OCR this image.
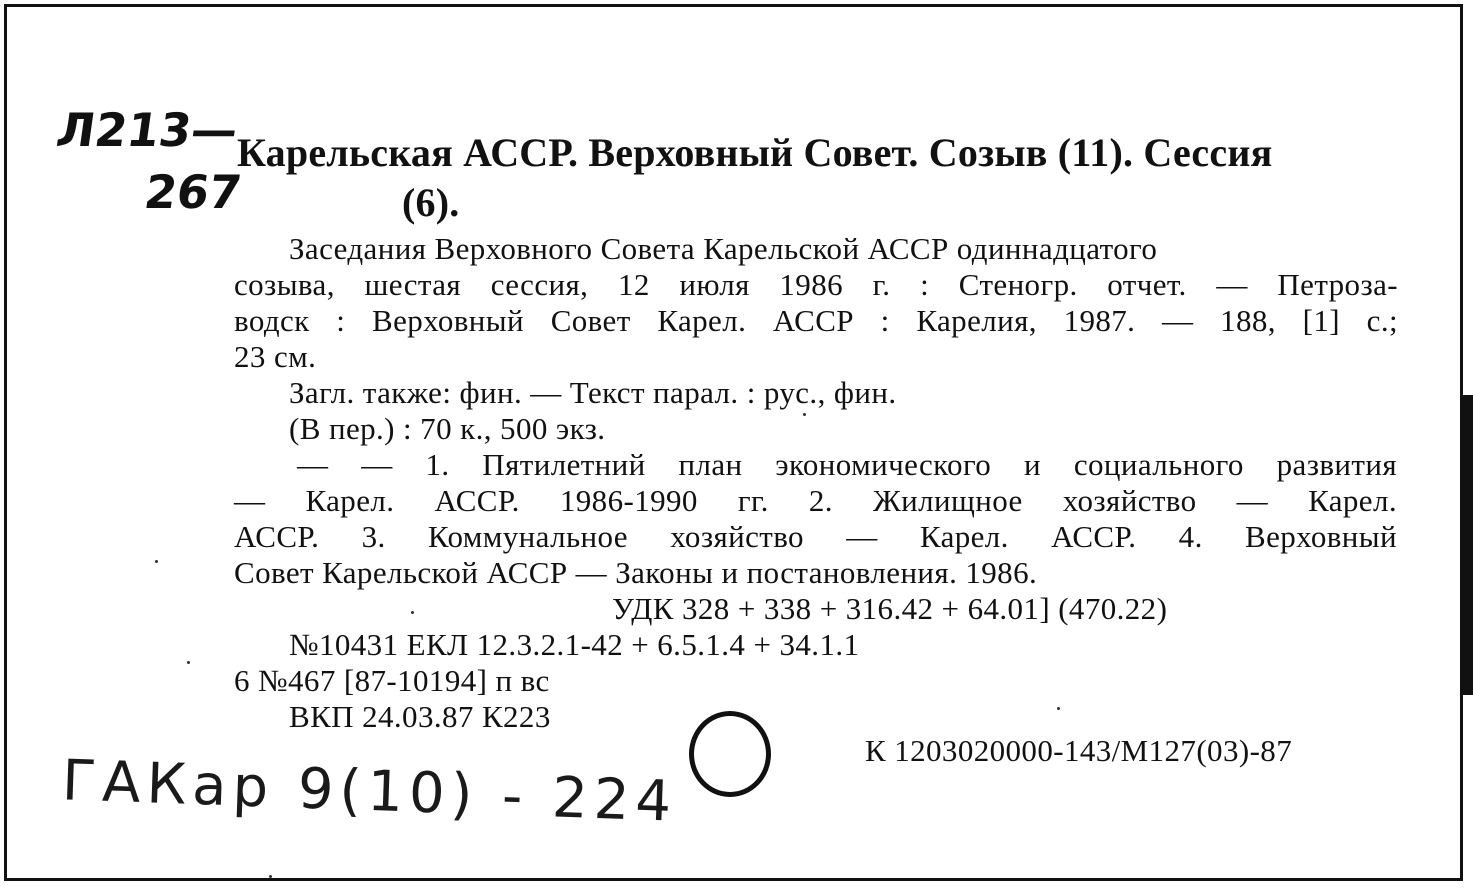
Л213—
267
Карельская АССР. Верховный Совет. Созыв (11). Сессия
(6).
Заседания Верховного Совета Карельской АССР одиннадцатого
созыва, шестая сессия, 12 июля 1986 г. : Стеногр. отчет. — Петроза-
водск : Верховный Совет Карел. АССР : Карелия, 1987. — 188, [1] с.;
23 см.
Загл. также: фин. — Текст парал. : рус., фин.
(В пер.) : 70 к., 500 экз.
— — 1. Пятилетний план экономического и социального развития
— Карел. АССР. 1986-1990 гг. 2. Жилищное хозяйство — Карел.
АССР. 3. Коммунальное хозяйство — Карел. АССР. 4. Верховный
Совет Карельской АССР — Законы и постановления. 1986.
УДК 328 + 338 + 316.42 + 64.01] (470.22)
№10431 ЕКЛ 12.3.2.1-42 + 6.5.1.4 + 34.1.1
6 №467 [87-10194] п вс
ВКП 24.03.87 К223
К 1203020000-143/М127(03)-87
ГАКар 9(10) - 224
